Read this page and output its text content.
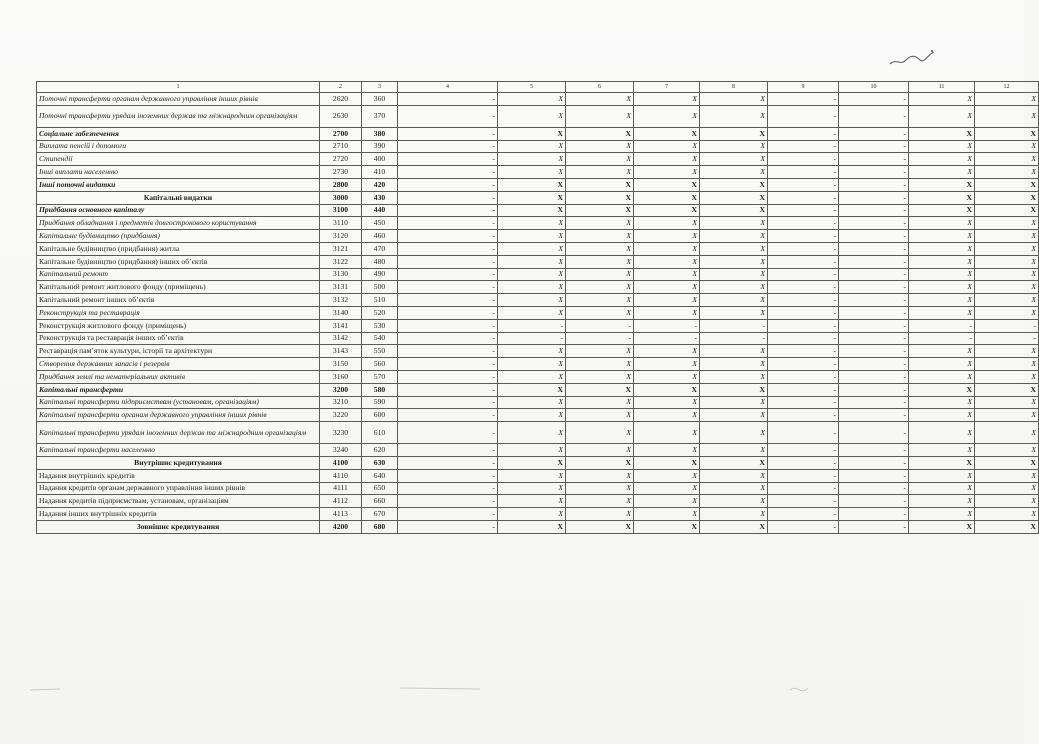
1	2	3	4	5	6	7	8	9	10	11	12
Поточні трансферти органам державного управління інших рівнів	2620	360	-	X	X	X	X	-	-	X	X
Поточні трансферти урядам іноземних держав та міжнародним організаціям	2630	370	-	X	X	X	X	-	-	X	X
Соціальне забезпечення	2700	380	-	X	X	X	X	-	-	X	X
Виплата пенсій і допомоги	2710	390	-	X	X	X	X	-	-	X	X
Стипендії	2720	400	-	X	X	X	X	-	-	X	X
Інші виплати населенню	2730	410	-	X	X	X	X	-	-	X	X
Інші поточні видатки	2800	420	-	X	X	X	X	-	-	X	X
Капітальні видатки	3000	430	-	X	X	X	X	-	-	X	X
Придбання основного капіталу	3100	440	-	X	X	X	X	-	-	X	X
Придбання обладнання і предметів довгострокового користування	3110	450	-	X	X	X	X	-	-	X	X
Капітальне будівництво (придбання)	3120	460	-	X	X	X	X	-	-	X	X
Капітальне будівництво (придбання) житла	3121	470	-	X	X	X	X	-	-	X	X
Капітальне будівництво (придбання) інших об’єктів	3122	480	-	X	X	X	X	-	-	X	X
Капітальний ремонт	3130	490	-	X	X	X	X	-	-	X	X
Капітальний ремонт житлового фонду (приміщень)	3131	500	-	X	X	X	X	-	-	X	X
Капітальний ремонт інших об’єктів	3132	510	-	X	X	X	X	-	-	X	X
Реконструкція та реставрація	3140	520	-	X	X	X	X	-	-	X	X
Реконструкція житлового фонду (приміщень)	3141	530	-	-	-	-	-	-	-	-	-
Реконструкція та реставрація інших об’єктів	3142	540	-	-	-	-	-	-	-	-	-
Реставрація пам’яток культури, історії та архітектури	3143	550	-	X	X	X	X	-	-	X	X
Створення державних запасів і резервів	3150	560	-	X	X	X	X	-	-	X	X
Придбання землі та нематеріальних активів	3160	570	-	X	X	X	X	-	-	X	X
Капітальні трансферти	3200	580	-	X	X	X	X	-	-	X	X
Капітальні трансферти підприємствам (установам, організаціям)	3210	590	-	X	X	X	X	-	-	X	X
Капітальні трансферти органам державного управління інших рівнів	3220	600	-	X	X	X	X	-	-	X	X
Капітальні трансферти урядам іноземних держав та міжнародним організаціям	3230	610	-	X	X	X	X	-	-	X	X
Капітальні трансферти населенню	3240	620	-	X	X	X	X	-	-	X	X
Внутрішнє кредитування	4100	630	-	X	X	X	X	-	-	X	X
Надання внутрішніх кредитів	4110	640	-	X	X	X	X	-	-	X	X
Надання кредитів органам державного управління інших рівнів	4111	650	-	X	X	X	X	-	-	X	X
Надання кредитів підприємствам, установам, організаціям	4112	660	-	X	X	X	X	-	-	X	X
Надання інших внутрішніх кредитів	4113	670	-	X	X	X	X	-	-	X	X
Зовнішнє кредитування	4200	680	-	X	X	X	X	-	-	X	X
